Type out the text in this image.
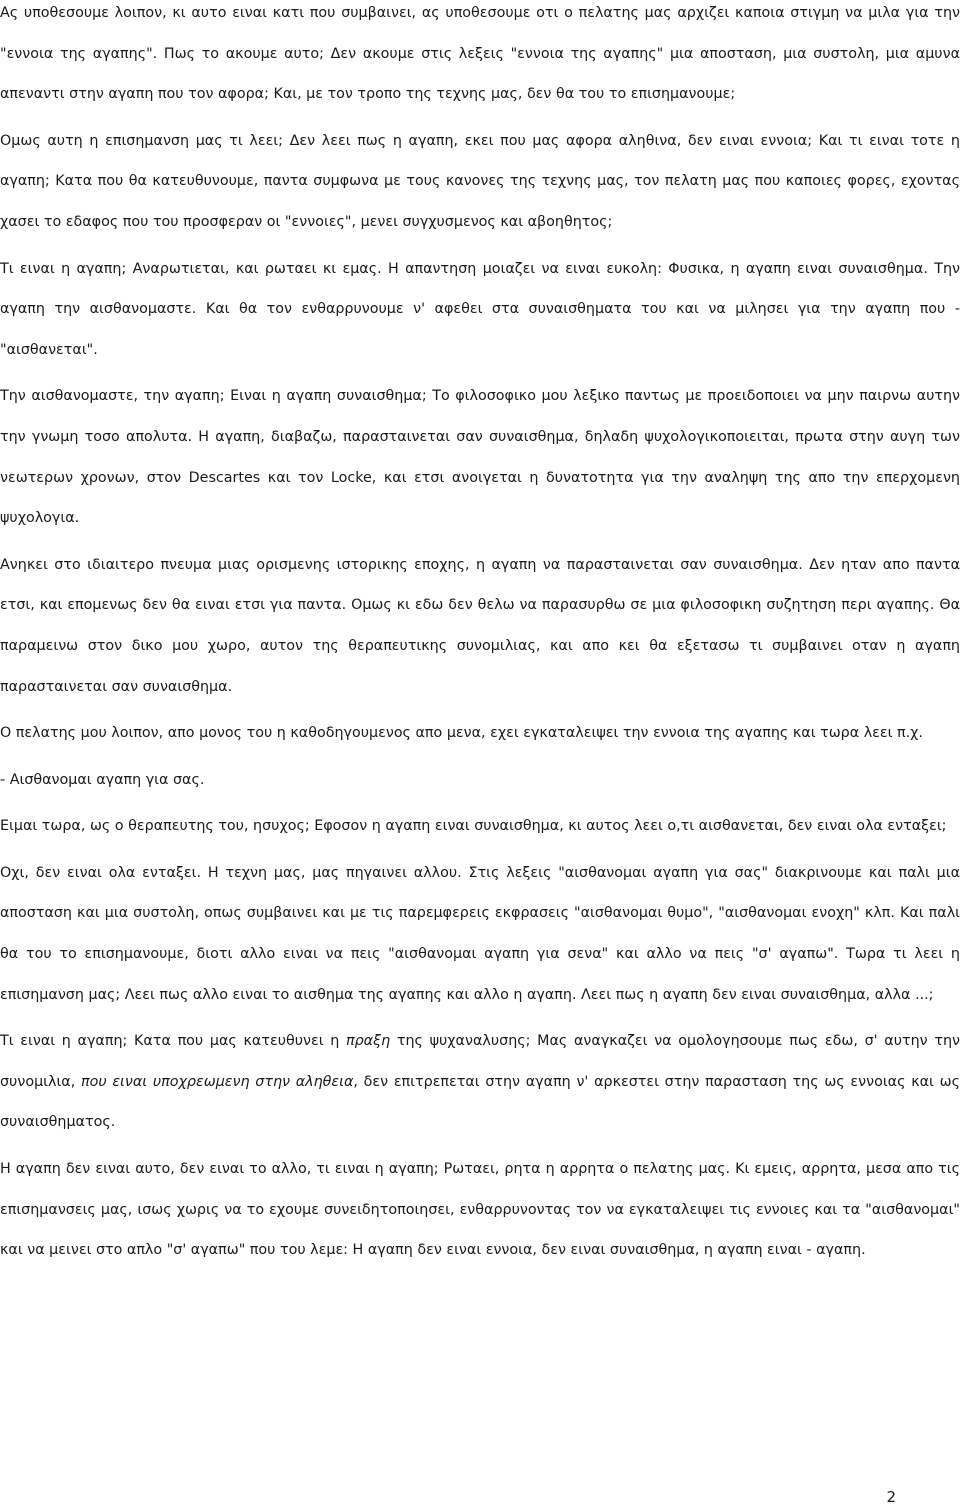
Ας υποθεσουμε λοιπον, κι αυτο ειναι κατι που συμβαινει, ας υποθεσουμε οτι ο πελατης μας αρχιζει καποια στιγμη να μιλα για την "εννοια της αγαπης". Πως το ακουμε αυτο; Δεν ακουμε στις λεξεις "εννοια της αγαπης" μια αποσταση, μια συστολη, μια αμυνα απεναντι στην αγαπη που τον αφορα; Και, με τον τροπο της τεχνης μας, δεν θα του το επισημανουμε;

Ομως αυτη η επισημανση μας τι λεει; Δεν λεει πως η αγαπη, εκει που μας αφορα αληθινα, δεν ειναι εννοια; Και τι ειναι τοτε η αγαπη; Κατα που θα κατευθυνουμε, παντα συμφωνα με τους κανονες της τεχνης μας, τον πελατη μας που καποιες φορες, εχοντας χασει το εδαφος που του προσφεραν οι "εννοιες", μενει συγχυσμενος και αβοηθητος;

Τι ειναι η αγαπη; Αναρωτιεται, και ρωταει κι εμας. Η απαντηση μοιαζει να ειναι ευκολη: Φυσικα, η αγαπη ειναι συναισθημα. Την αγαπη την αισθανομαστε. Και θα τον ενθαρρυνουμε ν' αφεθει στα συναισθηματα του και να μιλησει για την αγαπη που - "αισθανεται".

Την αισθανομαστε, την αγαπη; Ειναι η αγαπη συναισθημα; Το φιλοσοφικο μου λεξικο παντως με προειδοποιει να μην παιρνω αυτην την γνωμη τοσο απολυτα. Η αγαπη, διαβαζω, παρασταινεται σαν συναισθημα, δηλαδη ψυχολογικοποιειται, πρωτα στην αυγη των νεωτερων χρονων, στον Descartes και τον Locke, και ετσι ανοιγεται η δυνατοτητα για την αναληψη της απο την επερχομενη ψυχολογια.

Ανηκει στο ιδιαιτερο πνευμα μιας ορισμενης ιστορικης εποχης, η αγαπη να παρασταινεται σαν συναισθημα. Δεν ηταν απο παντα ετσι, και επομενως δεν θα ειναι ετσι για παντα. Ομως κι εδω δεν θελω να παρασυρθω σε μια φιλοσοφικη συζητηση περι αγαπης. Θα παραμεινω στον δικο μου χωρο, αυτον της θεραπευτικης συνομιλιας, και απο κει θα εξετασω τι συμβαινει οταν η αγαπη παρασταινεται σαν συναισθημα.

Ο πελατης μου λοιπον, απο μονος του η καθοδηγουμενος απο μενα, εχει εγκαταλειψει την εννοια της αγαπης και τωρα λεει π.χ.

- Αισθανομαι αγαπη για σας.

Ειμαι τωρα, ως ο θεραπευτης του, ησυχος; Εφοσον η αγαπη ειναι συναισθημα, κι αυτος λεει ο,τι αισθανεται, δεν ειναι ολα ενταξει;

Οχι, δεν ειναι ολα ενταξει. Η τεχνη μας, μας πηγαινει αλλου. Στις λεξεις "αισθανομαι αγαπη για σας" διακρινουμε και παλι μια αποσταση και μια συστολη, οπως συμβαινει και με τις παρεμφερεις εκφρασεις "αισθανομαι θυμο", "αισθανομαι ενοχη" κλπ. Και παλι θα του το επισημανουμε, διοτι αλλο ειναι να πεις "αισθανομαι αγαπη για σενα" και αλλο να πεις "σ' αγαπω". Τωρα τι λεει η επισημανση μας; Λεει πως αλλο ειναι το αισθημα της αγαπης και αλλο η αγαπη. Λεει πως η αγαπη δεν ειναι συναισθημα, αλλα ...;

Τι ειναι η αγαπη; Κατα που μας κατευθυνει η πραξη της ψυχαναλυσης; Μας αναγκαζει να ομολογησουμε πως εδω, σ' αυτην την συνομιλια, που ειναι υποχρεωμενη στην αληθεια, δεν επιτρεπεται στην αγαπη ν' αρκεστει στην παρασταση της ως εννοιας και ως συναισθηματος.

Η αγαπη δεν ειναι αυτο, δεν ειναι το αλλο, τι ειναι η αγαπη; Ρωταει, ρητα η αρρητα ο πελατης μας. Κι εμεις, αρρητα, μεσα απο τις επισημανσεις μας, ισως χωρις να το εχουμε συνειδητοποιησει, ενθαρρυνοντας τον να εγκαταλειψει τις εννοιες και τα "αισθανομαι" και να μεινει στο απλο "σ' αγαπω" που του λεμε: Η αγαπη δεν ειναι εννοια, δεν ειναι συναισθημα, η αγαπη ειναι - αγαπη.

2
